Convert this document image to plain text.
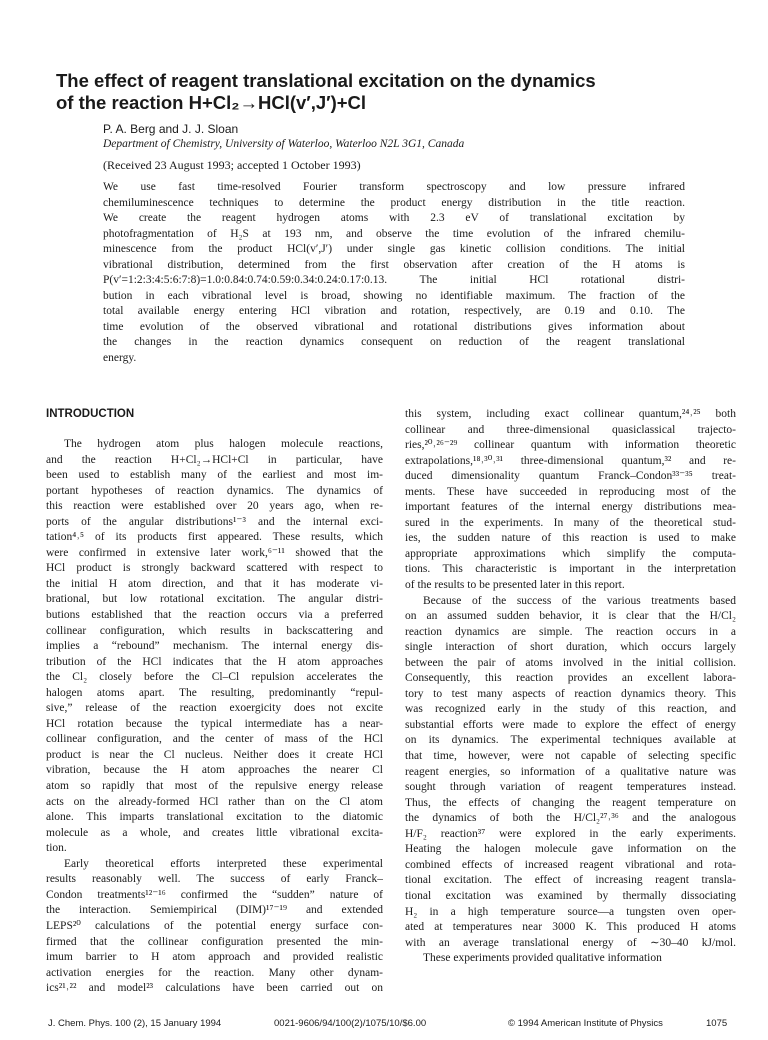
The effect of reagent translational excitation on the dynamics
of the reaction H+Cl₂→HCl(v′,J′)+Cl
P. A. Berg and J. J. Sloan
Department of Chemistry, University of Waterloo, Waterloo N2L 3G1, Canada
(Received 23 August 1993; accepted 1 October 1993)
We use fast time-resolved Fourier transform spectroscopy and low pressure infrared
chemiluminescence techniques to determine the product energy distribution in the title reaction.
We create the reagent hydrogen atoms with 2.3 eV of translational excitation by
photofragmentation of H₂S at 193 nm, and observe the time evolution of the infrared chemilu-
minescence from the product HCl(v′,J′) under single gas kinetic collision conditions. The initial
vibrational distribution, determined from the first observation after creation of the H atoms is
P(v′=1:2:3:4:5:6:7:8)=1.0:0.84:0.74:0.59:0.34:0.24:0.17:0.13. The initial HCl rotational distri-
bution in each vibrational level is broad, showing no identifiable maximum. The fraction of the
total available energy entering HCl vibration and rotation, respectively, are 0.19 and 0.10. The
time evolution of the observed vibrational and rotational distributions gives information about
the changes in the reaction dynamics consequent on reduction of the reagent translational
energy.
INTRODUCTION
The hydrogen atom plus halogen molecule reactions,
and the reaction H+Cl₂→HCl+Cl in particular, have
been used to establish many of the earliest and most im-
portant hypotheses of reaction dynamics. The dynamics of
this reaction were established over 20 years ago, when re-
ports of the angular distributions¹⁻³ and the internal exci-
tation⁴˒⁵ of its products first appeared. These results, which
were confirmed in extensive later work,⁶⁻¹¹ showed that the
HCl product is strongly backward scattered with respect to
the initial H atom direction, and that it has moderate vi-
brational, but low rotational excitation. The angular distri-
butions established that the reaction occurs via a preferred
collinear configuration, which results in backscattering and
implies a “rebound” mechanism. The internal energy dis-
tribution of the HCl indicates that the H atom approaches
the Cl₂ closely before the Cl–Cl repulsion accelerates the
halogen atoms apart. The resulting, predominantly “repul-
sive,” release of the reaction exoergicity does not excite
HCl rotation because the typical intermediate has a near-
collinear configuration, and the center of mass of the HCl
product is near the Cl nucleus. Neither does it create HCl
vibration, because the H atom approaches the nearer Cl
atom so rapidly that most of the repulsive energy release
acts on the already-formed HCl rather than on the Cl atom
alone. This imparts translational excitation to the diatomic
molecule as a whole, and creates little vibrational excita-
tion.
Early theoretical efforts interpreted these experimental
results reasonably well. The success of early Franck–
Condon treatments¹²⁻¹⁶ confirmed the “sudden” nature of
the interaction. Semiempirical (DIM)¹⁷⁻¹⁹ and extended
LEPS²⁰ calculations of the potential energy surface con-
firmed that the collinear configuration presented the min-
imum barrier to H atom approach and provided realistic
activation energies for the reaction. Many other dynam-
ics²¹˒²² and model²³ calculations have been carried out on
this system, including exact collinear quantum,²⁴˒²⁵ both
collinear and three-dimensional quasiclassical trajecto-
ries,²⁰˒²⁶⁻²⁹ collinear quantum with information theoretic
extrapolations,¹⁸˒³⁰˒³¹ three-dimensional quantum,³² and re-
duced dimensionality quantum Franck–Condon³³⁻³⁵ treat-
ments. These have succeeded in reproducing most of the
important features of the internal energy distributions mea-
sured in the experiments. In many of the theoretical stud-
ies, the sudden nature of this reaction is used to make
appropriate approximations which simplify the computa-
tions. This characteristic is important in the interpretation
of the results to be presented later in this report.
Because of the success of the various treatments based
on an assumed sudden behavior, it is clear that the H/Cl₂
reaction dynamics are simple. The reaction occurs in a
single interaction of short duration, which occurs largely
between the pair of atoms involved in the initial collision.
Consequently, this reaction provides an excellent labora-
tory to test many aspects of reaction dynamics theory. This
was recognized early in the study of this reaction, and
substantial efforts were made to explore the effect of energy
on its dynamics. The experimental techniques available at
that time, however, were not capable of selecting specific
reagent energies, so information of a qualitative nature was
sought through variation of reagent temperatures instead.
Thus, the effects of changing the reagent temperature on
the dynamics of both the H/Cl₂²⁷˒³⁶ and the analogous
H/F₂ reaction³⁷ were explored in the early experiments.
Heating the halogen molecule gave information on the
combined effects of increased reagent vibrational and rota-
tional excitation. The effect of increasing reagent transla-
tional excitation was examined by thermally dissociating
H₂ in a high temperature source—a tungsten oven oper-
ated at temperatures near 3000 K. This produced H atoms
with an average translational energy of ∼30–40 kJ/mol.
These experiments provided qualitative information
J. Chem. Phys. 100 (2), 15 January 1994	0021-9606/94/100(2)/1075/10/$6.00	© 1994 American Institute of Physics	1075
